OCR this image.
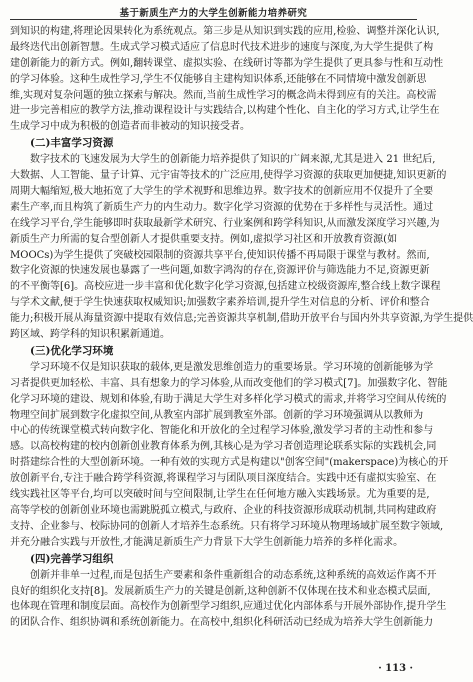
基于新质生产力的大学生创新能力培养研究
到知识的构建,将理论因果转化为系统观点。第三步是从知识到实践的应用,检验、调整并深化认识,
最终迭代出创新智慧。生成式学习模式适应了信息时代技术进步的速度与深度,为大学生提供了构
建创新能力的新方式。例如,翻转课堂、虚拟实验、在线研讨等都为学生提供了更具参与性和互动性
的学习体验。这种生成性学习,学生不仅能够自主建构知识体系,还能够在不同情境中激发创新思
维,实现对复杂问题的独立探索与解决。然而,当前生成性学习的概念尚未得到应有的关注。高校需
进一步完善相应的教学方法,推动课程设计与实践结合,以构建个性化、自主化的学习方式,让学生在
生成学习中成为积极的创造者而非被动的知识接受者。
(二)丰富学习资源
数字技术的飞速发展为大学生的创新能力培养提供了知识的广阔来源,尤其是进入 21 世纪后,
大数据、人工智能、量子计算、元宇宙等技术的广泛应用,使得学习资源的获取更加便捷,知识更新的
周期大幅缩短,极大地拓宽了大学生的学术视野和思维边界。数字技术的创新应用不仅提升了全要
素生产率,而且构筑了新质生产力的内生动力。数字化学习资源的优势在于多样性与灵活性。通过
在线学习平台,学生能够即时获取最新学术研究、行业案例和跨学科知识,从而激发深度学习兴趣,为
新质生产力所需的复合型创新人才提供重要支持。例如,虚拟学习社区和开放教育资源(如
MOOCs)为学生提供了突破校园限制的资源共享平台,使知识传播不再局限于课堂与教材。然而,
数字化资源的快速发展也暴露了一些问题,如数字鸿沟的存在,资源评价与筛选能力不足,资源更新
的不平衡等[6]。高校应进一步丰富和优化数字化学习资源,包括建立校级资源库,整合线上数字课程
与学术文献,便于学生快速获取权威知识;加强数字素养培训,提升学生对信息的分析、评价和整合
能力;积极开展从海量资源中提取有效信息;完善资源共享机制,借助开放平台与国内外共享资源,为学生提供
跨区域、跨学科的知识积累新通道。
(三)优化学习环境
学习环境不仅是知识获取的载体,更是激发思维创造力的重要场景。学习环境的创新能够为学
习者提供更加轻松、丰富、具有想象力的学习体验,从而改变他们的学习模式[7]。加强数字化、智能
化学习环境的建设、规划和体验,有助于满足大学生对多样化学习模式的需求,并将学习空间从传统的
物理空间扩展到数字化虚拟空间,从教室内部扩展到教室外部。创新的学习环境强调从以教师为
中心的传统课堂模式转向数字化、智能化和开放化的全过程学习体验,激发学习者的主动性和参与
感。以高校构建的校内创新创业教育体系为例,其核心是为学习者创造理论联系实际的实践机会,同
时搭建综合性的大型创新环境。一种有效的实现方式是构建以"创客空间"(makerspace)为核心的开
放创新平台,专注于融合跨学科资源,将课程学习与团队项目深度结合。实践中还有虚拟实验室、在
线实践社区等平台,均可以突破时间与空间限制,让学生在任何地方融入实践场景。尤为重要的是,
高等学校的创新创业环境也需跳脱孤立模式,与政府、企业的科技资源形成联动机制,共同构建政府
支持、企业参与、校际协同的创新人才培养生态系统。只有将学习环境从物理场域扩展至数字领域,
并充分融合实践与开放性,才能满足新质生产力背景下大学生创新能力培养的多样化需求。
(四)完善学习组织
创新并非单一过程,而是包括生产要素和条件重新组合的动态系统,这种系统的高效运作离不开
良好的组织化支持[8]。发展新质生产力的关键是创新,这种创新不仅体现在技术和业态模式层面,
也体现在管理和制度层面。高校作为创新型学习组织,应通过优化内部体系与开展外部协作,提升学生
的团队合作、组织协调和系统创新能力。在高校中,组织化科研活动已经成为培养大学生创新能力
· 113 ·
